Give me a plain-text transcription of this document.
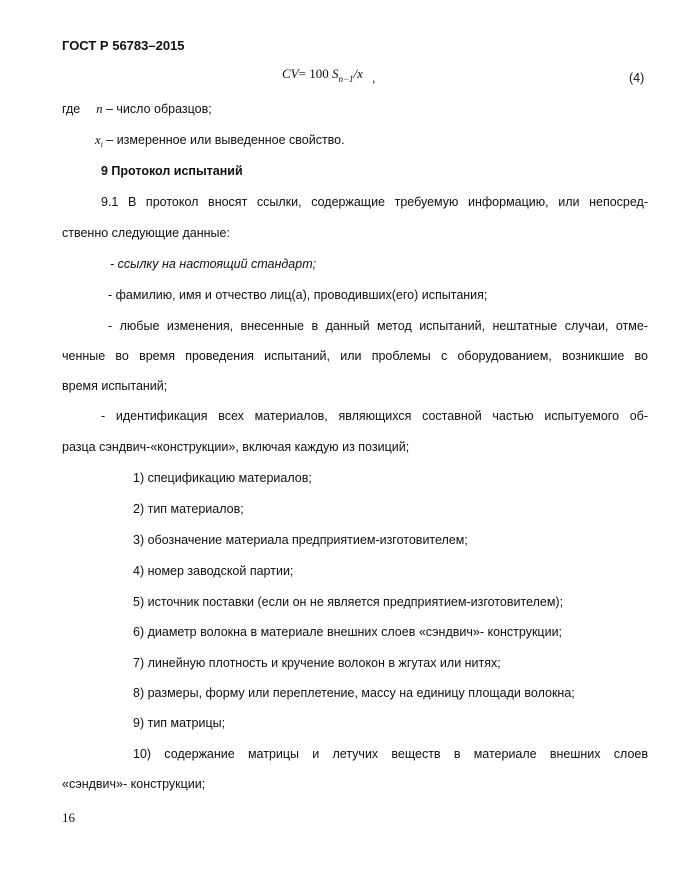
ГОСТ Р 56783–2015
CV= 100 $S_{n-1}/x$ ,	(4)
где n – число образцов;
$x_i$ – измеренное или выведенное свойство.
9 Протокол испытаний
9.1 В протокол вносят ссылки, содержащие требуемую информацию, или непосред-
ственно следующие данные:
- ссылку на настоящий стандарт;
- фамилию, имя и отчество лиц(а), проводивших(его) испытания;
- любые изменения, внесенные в данный метод испытаний, нештатные случаи, отме-
ченные во время проведения испытаний, или проблемы с оборудованием, возникшие во
время испытаний;
- идентификация всех материалов, являющихся составной частью испытуемого об-
разца сэндвич-«конструкции», включая каждую из позиций;
1) спецификацию материалов;
2) тип материалов;
3) обозначение материала предприятием-изготовителем;
4) номер заводской партии;
5) источник поставки (если он не является предприятием-изготовителем);
6) диаметр волокна в материале внешних слоев «сэндвич»- конструкции;
7) линейную плотность и кручение волокон в жгутах или нитях;
8) размеры, форму или переплетение, массу на единицу площади волокна;
9) тип матрицы;
10) содержание матрицы и летучих веществ в материале внешних слоев
«сэндвич»- конструкции;
16
